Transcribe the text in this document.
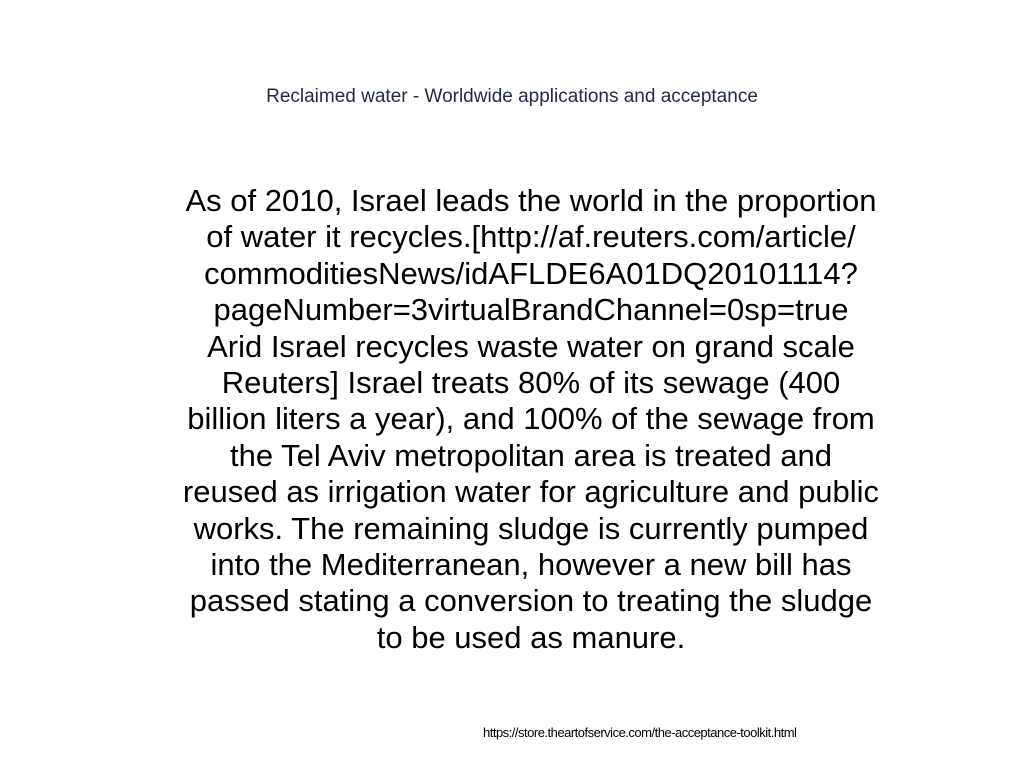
Reclaimed water - Worldwide applications and acceptance

As of 2010, Israel leads the world in the proportion
of water it recycles.[http://af.reuters.com/article/
commoditiesNews/idAFLDE6A01DQ20101114?
pageNumber=3virtualBrandChannel=0sp=true
Arid Israel recycles waste water on grand scale
Reuters] Israel treats 80% of its sewage (400
billion liters a year), and 100% of the sewage from
the Tel Aviv metropolitan area is treated and
reused as irrigation water for agriculture and public
works. The remaining sludge is currently pumped
into the Mediterranean, however a new bill has
passed stating a conversion to treating the sludge
to be used as manure.

https://store.theartofservice.com/the-acceptance-toolkit.html
